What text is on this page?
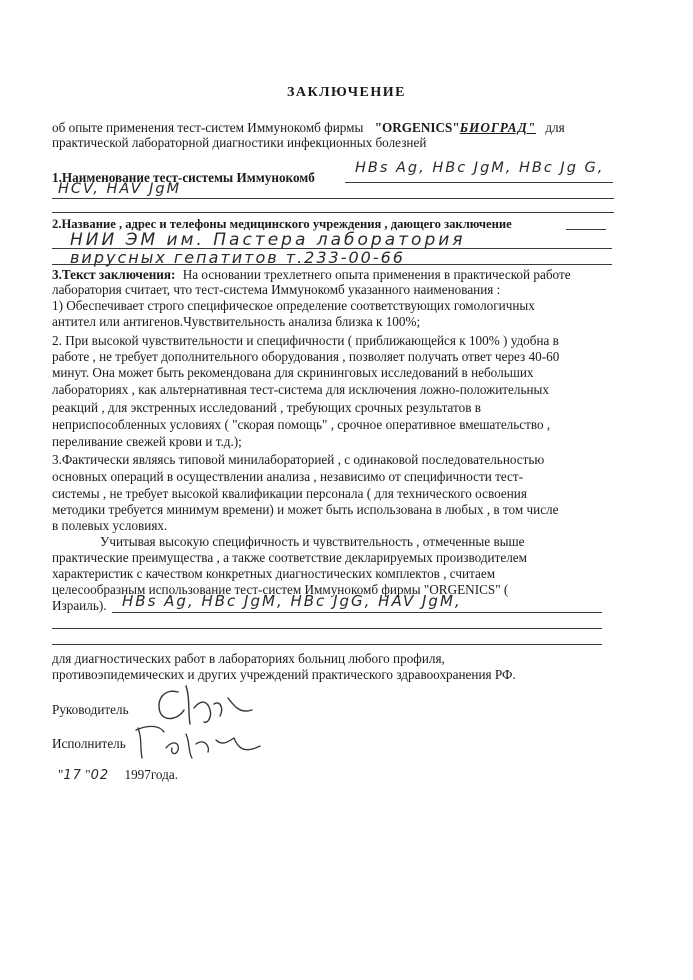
ЗАКЛЮЧЕНИЕ
об опыте применения тест-систем Иммунокомб фирмы "ORGENICS"БИОГРАД" для
практической лабораторной диагностики инфекционных болезней
1.Наименование тест-системы Иммунокомб
HBs Ag, HBc JgM, HBc Jg G,
HCV, HAV JgM
2.Название , адрес и телефоны медицинского учреждения , дающего заключение
НИИ ЭМ им. Пастера лаборатория
вирусных гепатитов т.233-00-66
3.Текст заключения: На основании трехлетнего опыта применения в практической работе
лаборатория считает, что тест-система Иммунокомб указанного наименования :
1) Обеспечивает строго специфическое определение соответствующих гомологичных
антител или антигенов.Чувствительность анализа близка к 100%;
2. При высокой чувствительности и специфичности ( приближающейся к 100% ) удобна в
работе , не требует дополнительного оборудования , позволяет получать ответ через 40-60
минут. Она может быть рекомендована для скрининговых исследований в небольших
лабораториях , как альтернативная тест-система для исключения ложно-положительных
реакций , для экстренных исследований , требующих срочных результатов в
неприспособленных условиях ( "скорая помощь" , срочное оперативное вмешательство ,
переливание свежей крови и т.д.);
3.Фактически являясь типовой минилабораторией , с одинаковой последовательностью
основных операций в осуществлении анализа , независимо от специфичности тест-
системы , не требует высокой квалификации персонала ( для технического освоения
методики требуется минимум времени) и может быть использована в любых , в том числе
в полевых условиях.
Учитывая высокую специфичность и чувствительность , отмеченные выше
практические преимущества , а также соответствие декларируемых производителем
характеристик с качеством конкретных диагностических комплектов , считаем
целесообразным использование тест-систем Иммунокомб фирмы "ORGENICS" (
Израиль). HBs Ag, HBc JgM, HBc JgG, HAV JgM,
для диагностических работ в лабораториях больниц любого профиля,
противоэпидемических и других учреждений практического здравоохранения РФ.
Руководитель
Исполнитель
"17 "02 1997года.
